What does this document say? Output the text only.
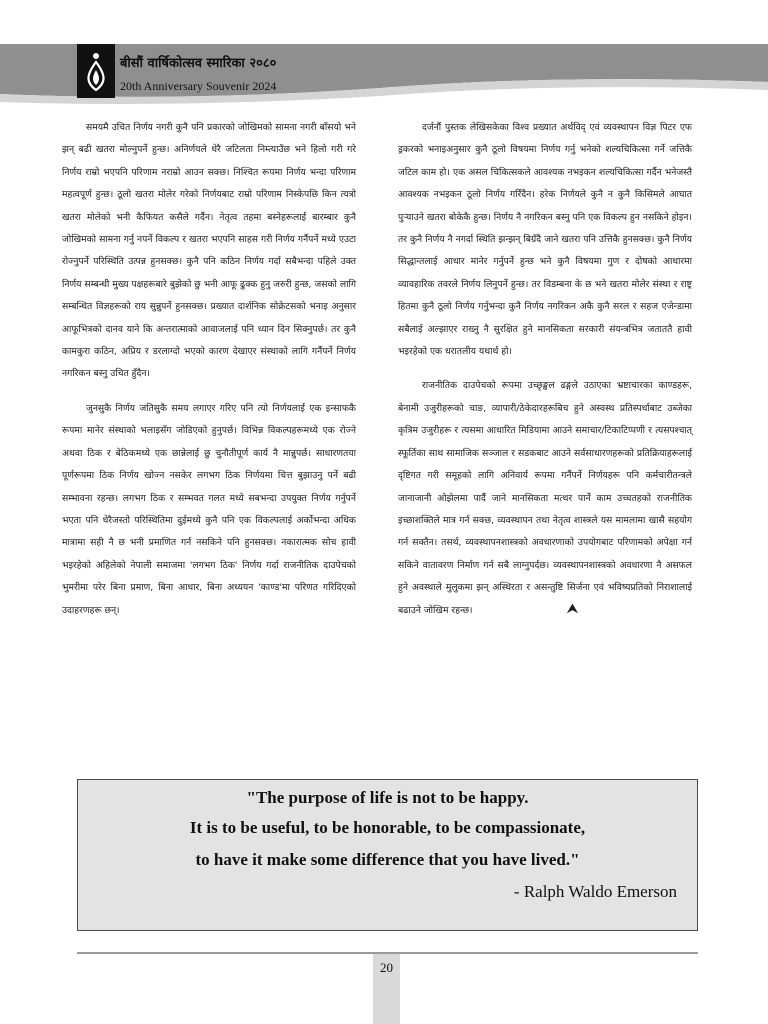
बीसौं वार्षिकोत्सव स्मारिका २०८०
20th Anniversary Souvenir 2024

समयमै उचित निर्णय नगरी कुनै पनि प्रकारको जोखिमको सामना नगरी बाँसयो भने झन् बढी खतरा मोल्नुपर्ने हुन्छ। अनिर्णयले धेरै जटिलता निम्त्याउँछ भने हिलो गरी गरे निर्णय राम्रो भएपनि परिणाम नराम्रो आउन सक्छ। निश्चित रूपमा निर्णय भन्दा परिणाम महत्वपूर्ण हुन्छ। ठूलो खतरा मोलेर गरेको निर्णयबाट राम्रो परिणाम निस्केपछि किन त्यत्रो खतरा मोलेको भनी कैफियत कसैले गर्दैन। नेतृत्व तहमा बस्नेहरूलाई बारम्बार कुनै जोखिमको सामना गर्नु नपर्ने विकल्प र खतरा भएपनि साहस गरी निर्णय गर्नैपर्ने मध्ये एउटा रोज्नुपर्ने परिस्थिति उत्पन्न हुनसक्छ। कुनै पनि कठिन निर्णय गर्दा सबैभन्दा पहिले उक्त निर्णय सम्बन्धी मुख्य पक्षहरूबारे बुझेको छु भनी आफू ढुक्क हुनु जरुरी हुन्छ, जसको लागि सम्बन्धित विज्ञहरूको राय सुन्नुपर्ने हुनसक्छ। प्रख्यात दार्शनिक सोक्रेटसको भनाइ अनुसार आफूभित्रको दानव याने कि अन्तरात्माको आवाजलाई पनि ध्यान दिन सिक्नुपर्छ। तर कुनै कामकुरा कठिन, अप्रिय र डरलाग्दो भएको कारण देखाएर संस्थाको लागि गर्नैपर्ने निर्णय नगरिकन बस्नु उचित हुँदैन।

जुनसुकै निर्णय जतिसुकै समय लगाएर गरिए पनि त्यो निर्णयलाई एक इन्साफकै रूपमा मानेर संस्थाको भलाइसँग जोडिएको हुनुपर्छ। विभिन्न विकल्पहरूमध्ये एक रोज्ने अथवा ठिक र बेठिकमध्ये एक छान्नेलाई छु चुनौतीपूर्ण कार्य नै मान्नुपर्छ। साधारणतया पूर्णरूपमा ठिक निर्णय खोज्न नसकेर लगभग ठिक निर्णयमा चित्त बुझाउनु पर्ने बढी सम्भावना रहन्छ। लगभग ठिक र सम्भवत गलत मध्ये सबभन्दा उपयुक्त निर्णय गर्नुपर्ने भएता पनि धेरैजस्तो परिस्थितिमा दुईमध्ये कुनै पनि एक विकल्पलाई अर्कोभन्दा अधिक मात्रामा सही नै छ भनी प्रमाणित गर्न नसकिने पनि हुनसक्छ। नकारात्मक सोच हावी भइरहेको अहिलेको नेपाली समाजमा 'लगभग ठिक' निर्णय गर्दा राजनीतिक दाउपेचको भुमरीमा परेर बिना प्रमाण, बिना आधार, बिना अध्ययन 'काण्ड'मा परिणत गरिदिएको उदाहरणहरू छन्।

दर्जनौं पुस्तक लेखिसकेका विश्व प्रख्यात अर्थविद् एवं व्यवस्थापन विज्ञ पिटर एफ ड्रकरको भनाइअनुसार कुनै ठूलो विषयमा निर्णय गर्नु भनेको शल्यचिकित्सा गर्ने जत्तिकै जटिल काम हो। एक असल चिकित्सकले आवश्यक नभइकन शल्यचिकित्सा गर्दैन भनेजस्तै आवश्यक नभइकन ठूलो निर्णय गरिँदैन। हरेक निर्णयले कुनै न कुनै किसिमले आघात पुऱ्याउने खतरा बोकेकै हुन्छ। निर्णय नै नगरिकन बस्नु पनि एक विकल्प हुन नसकिने होइन। तर कुनै निर्णय नै नगर्दा स्थिति झन्झन् बिग्रँदै जाने खतरा पनि उत्तिकै हुनसक्छ। कुनै निर्णय सिद्धान्तलाई आधार मानेर गर्नुपर्ने हुन्छ भने कुनै विषयमा गुण र दोषको आधारमा व्यावहारिक तवरले निर्णय लिनुपर्ने हुन्छ। तर विडम्बना के छ भने खतरा मोलेर संस्था र राष्ट्र हितमा कुनै ठूलो निर्णय गर्नुभन्दा कुनै निर्णय नगरिकन अकै कुनै सरल र सहज एजेन्डामा सबैलाई अल्झाएर राख्नु नै सुरक्षित हुने मानसिकता सरकारी संयन्त्रभित्र जताततै हावी भइरहेको एक धरातलीय यथार्थ हो।

राजनीतिक दाउपेचको रूपमा उच्छृङ्खल ढङ्गले उठाएका भ्रष्टाचारका काण्डहरू, बेनामी उजुरीहरूको चाङ, व्यापारी/ठेकेदारहरूबिच हुने अस्वस्थ प्रतिस्पर्धाबाट उब्जेका कृत्रिम उजुरीहरू र त्यसमा आधारित मिडियामा आउने समाचार/टिकाटिप्पणी र त्यसपश्चात् स्फूर्तिका साथ सामाजिक सञ्जाल र सडकबाट आउने सर्वसाधारणहरूको प्रतिक्रियाहरूलाई दृष्टिगत गरी समूहको लागि अनिवार्य रूपमा गर्नैपर्ने निर्णयहरू पनि कर्मचारीतन्त्रले जानाजानी ओझेलमा पार्दै जाने मानसिकता मत्थर पार्ने काम उच्चतहको राजनीतिक इच्छाशक्तिले मात्र गर्न सक्छ, व्यवस्थापन तथा नेतृत्व शास्त्रले यस मामलामा खासै सहयोग गर्न सक्तैन। तसर्थ, व्यवस्थापनशास्त्रको अवधारणाको उपयोगबाट परिणामको अपेक्षा गर्न सकिने वातावरण निर्माण गर्न सबै लाग्नुपर्दछ। व्यवस्थापनशास्त्रको अवधारणा नै असफल हुने अवस्थाले मुलुकमा झन् अस्थिरता र असन्तुष्टि सिर्जना एवं भविष्यप्रतिको निराशालाई बढाउने जोखिम रहन्छ।	⮝

"The purpose of life is not to be happy.
It is to be useful, to be honorable, to be compassionate,
to have it make some difference that you have lived."
- Ralph Waldo Emerson
20
